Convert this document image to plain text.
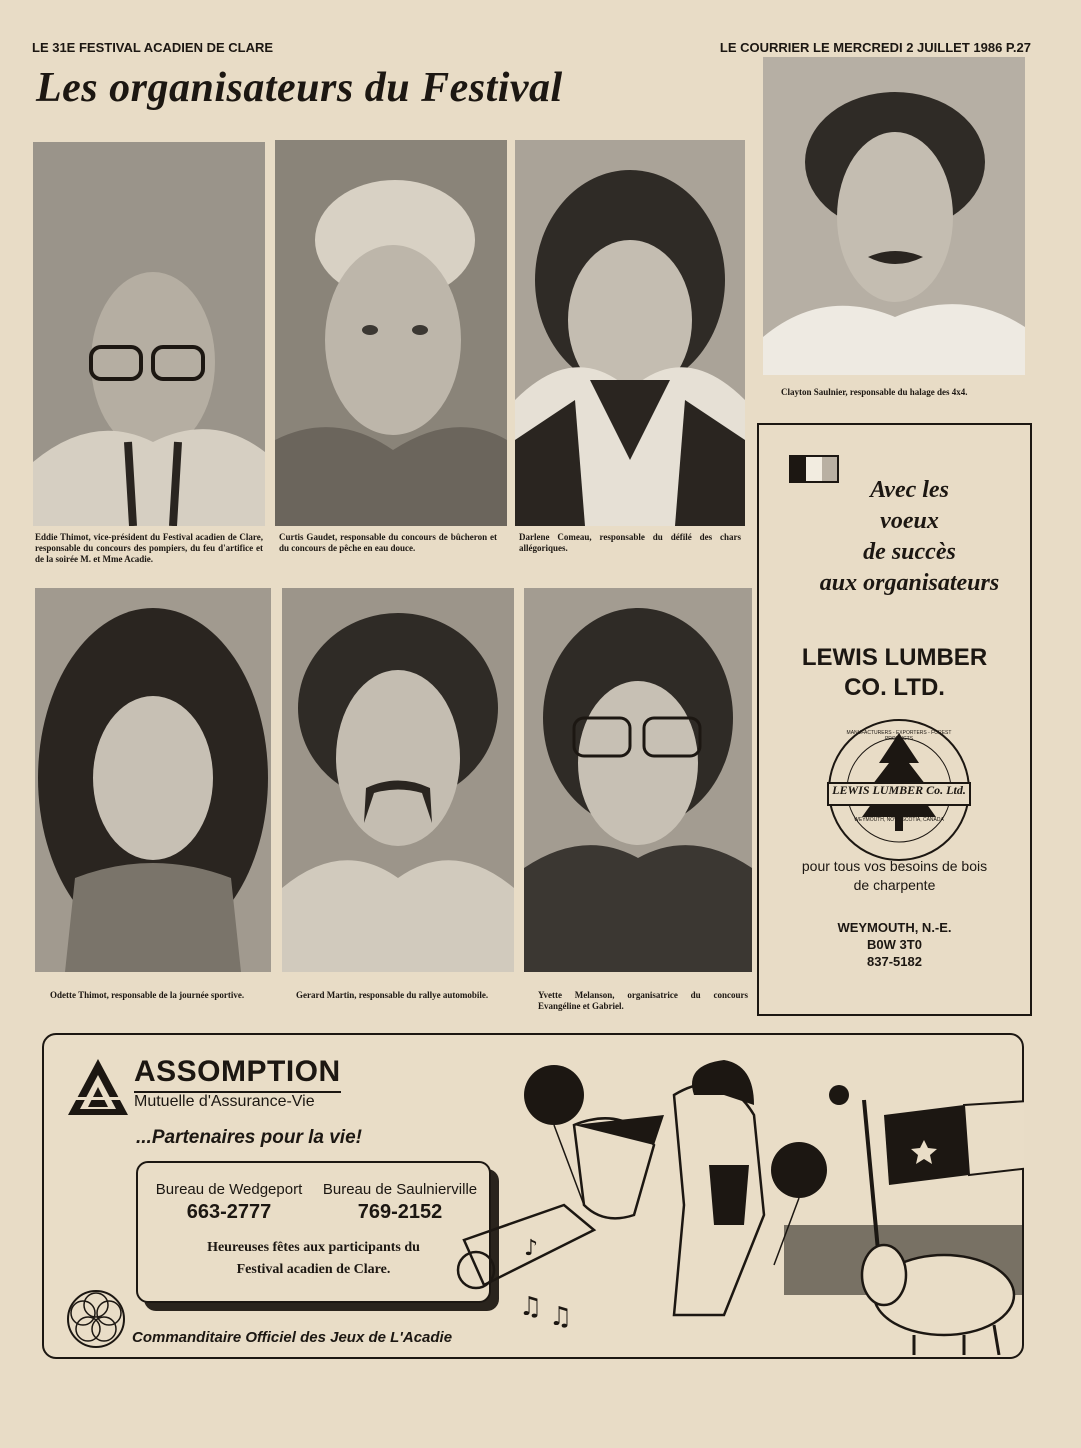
LE 31E FESTIVAL ACADIEN DE CLARE	LE COURRIER LE MERCREDI 2 JUILLET 1986 P.27
Les organisateurs du Festival
Eddie Thimot, vice-président du Festival acadien de Clare, responsable du concours des pompiers, du feu d'artifice et de la soirée M. et Mme Acadie.
Curtis Gaudet, responsable du concours de bûcheron et du concours de pêche en eau douce.
Darlene Comeau, responsable du défilé des chars allégoriques.
Clayton Saulnier, responsable du halage des 4x4.
Odette Thimot, responsable de la journée sportive.	Gerard Martin, responsable du rallye automobile.	Yvette Melanson, organisatrice du concours Evangéline et Gabriel.
Avec les
voeux
de succès
aux organisateurs
LEWIS LUMBER
CO. LTD.
LEWIS LUMBER Co. Ltd.
MANUFACTURERS - EXPORTERS - FOREST PRODUCTS
WEYMOUTH, NOVA SCOTIA, CANADA
pour tous vos besoins de bois
de charpente
WEYMOUTH, N.-E.
B0W 3T0
837-5182
ASSOMPTION
Mutuelle d'Assurance-Vie
...Partenaires pour la vie!
Bureau de Wedgeport
663-2777
Bureau de Saulnierville
769-2152
Heureuses fêtes aux participants du
Festival acadien de Clare.
Commanditaire Officiel des Jeux de L'Acadie
♪
♫ ♫
